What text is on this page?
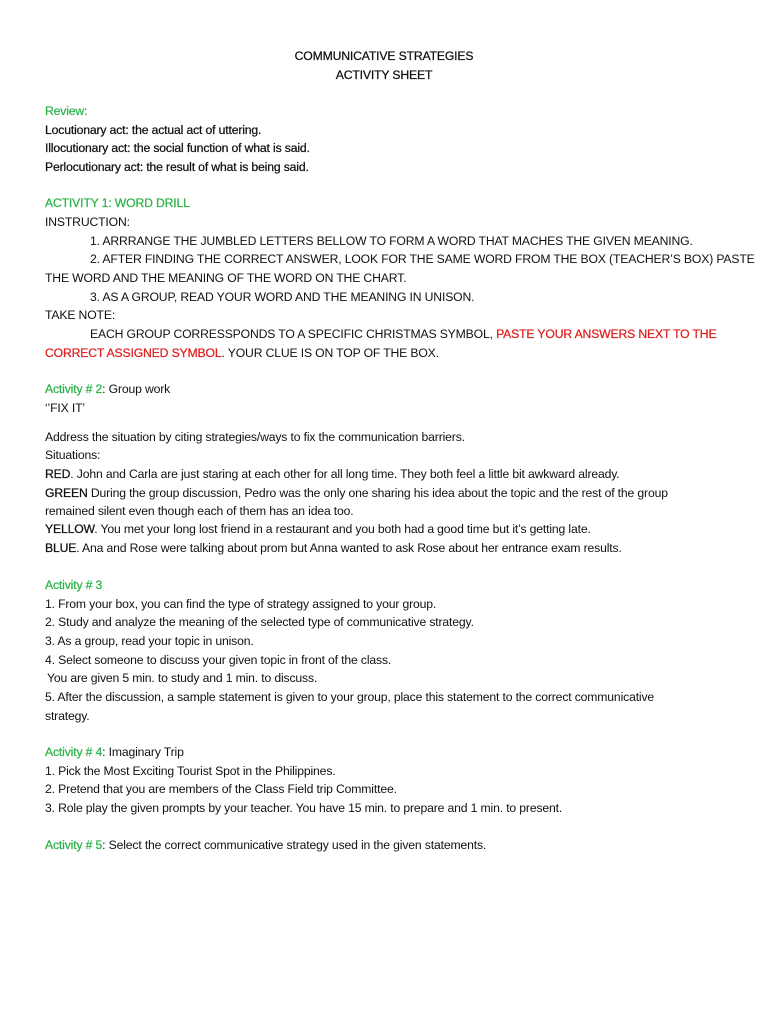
COMMUNICATIVE STRATEGIES
ACTIVITY SHEET
Review:
Locutionary act: the actual act of uttering.
Illocutionary act: the social function of what is said.
Perlocutionary act: the result of what is being said.
ACTIVITY 1: WORD DRILL
INSTRUCTION:
1. ARRRANGE THE JUMBLED LETTERS BELLOW TO FORM A WORD THAT MACHES THE GIVEN MEANING.
2. AFTER FINDING THE CORRECT ANSWER, LOOK FOR THE SAME WORD FROM THE BOX (TEACHER’S BOX) PASTE
THE WORD AND THE MEANING OF THE WORD ON THE CHART.
3. AS A GROUP, READ YOUR WORD AND THE MEANING IN UNISON.
TAKE NOTE:
EACH GROUP CORRESSPONDS TO A SPECIFIC CHRISTMAS SYMBOL, PASTE YOUR ANSWERS NEXT TO THE
CORRECT ASSIGNED SYMBOL. YOUR CLUE IS ON TOP OF THE BOX.
Activity # 2: Group work
‘’FIX IT’
Address the situation by citing strategies/ways to fix the communication barriers.
Situations:
RED. John and Carla are just staring at each other for all long time. They both feel a little bit awkward already.
GREEN During the group discussion, Pedro was the only one sharing his idea about the topic and the rest of the group
remained silent even though each of them has an idea too.
YELLOW. You met your long lost friend in a restaurant and you both had a good time but it’s getting late.
BLUE. Ana and Rose were talking about prom but Anna wanted to ask Rose about her entrance exam results.
Activity # 3
1. From your box, you can find the type of strategy assigned to your group.
2. Study and analyze the meaning of the selected type of communicative strategy.
3. As a group, read your topic in unison.
4. Select someone to discuss your given topic in front of the class.
You are given 5 min. to study and 1 min. to discuss.
5. After the discussion, a sample statement is given to your group, place this statement to the correct communicative
strategy.
Activity # 4: Imaginary Trip
1. Pick the Most Exciting Tourist Spot in the Philippines.
2. Pretend that you are members of the Class Field trip Committee.
3. Role play the given prompts by your teacher. You have 15 min. to prepare and 1 min. to present.
Activity # 5: Select the correct communicative strategy used in the given statements.
